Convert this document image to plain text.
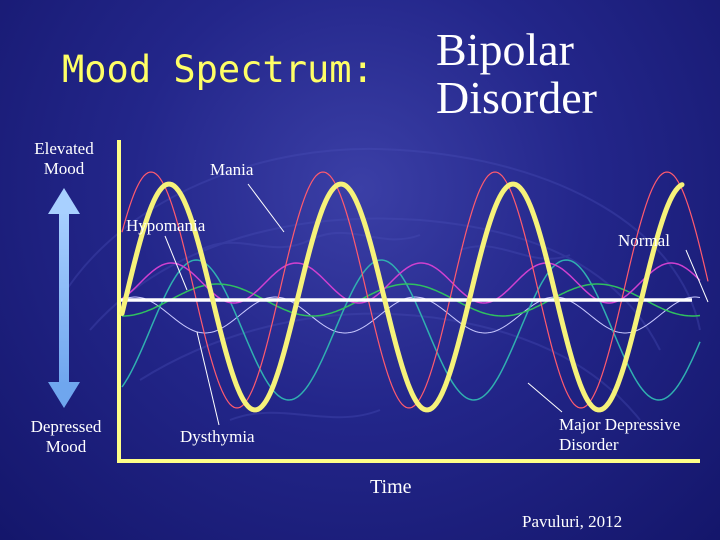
Mood Spectrum: Bipolar
Disorder
Elevated
Mood
Depressed
Mood
Mania
Hypomania
Normal
Dysthymia
Major Depressive
Disorder
Time
Pavuluri, 2012
